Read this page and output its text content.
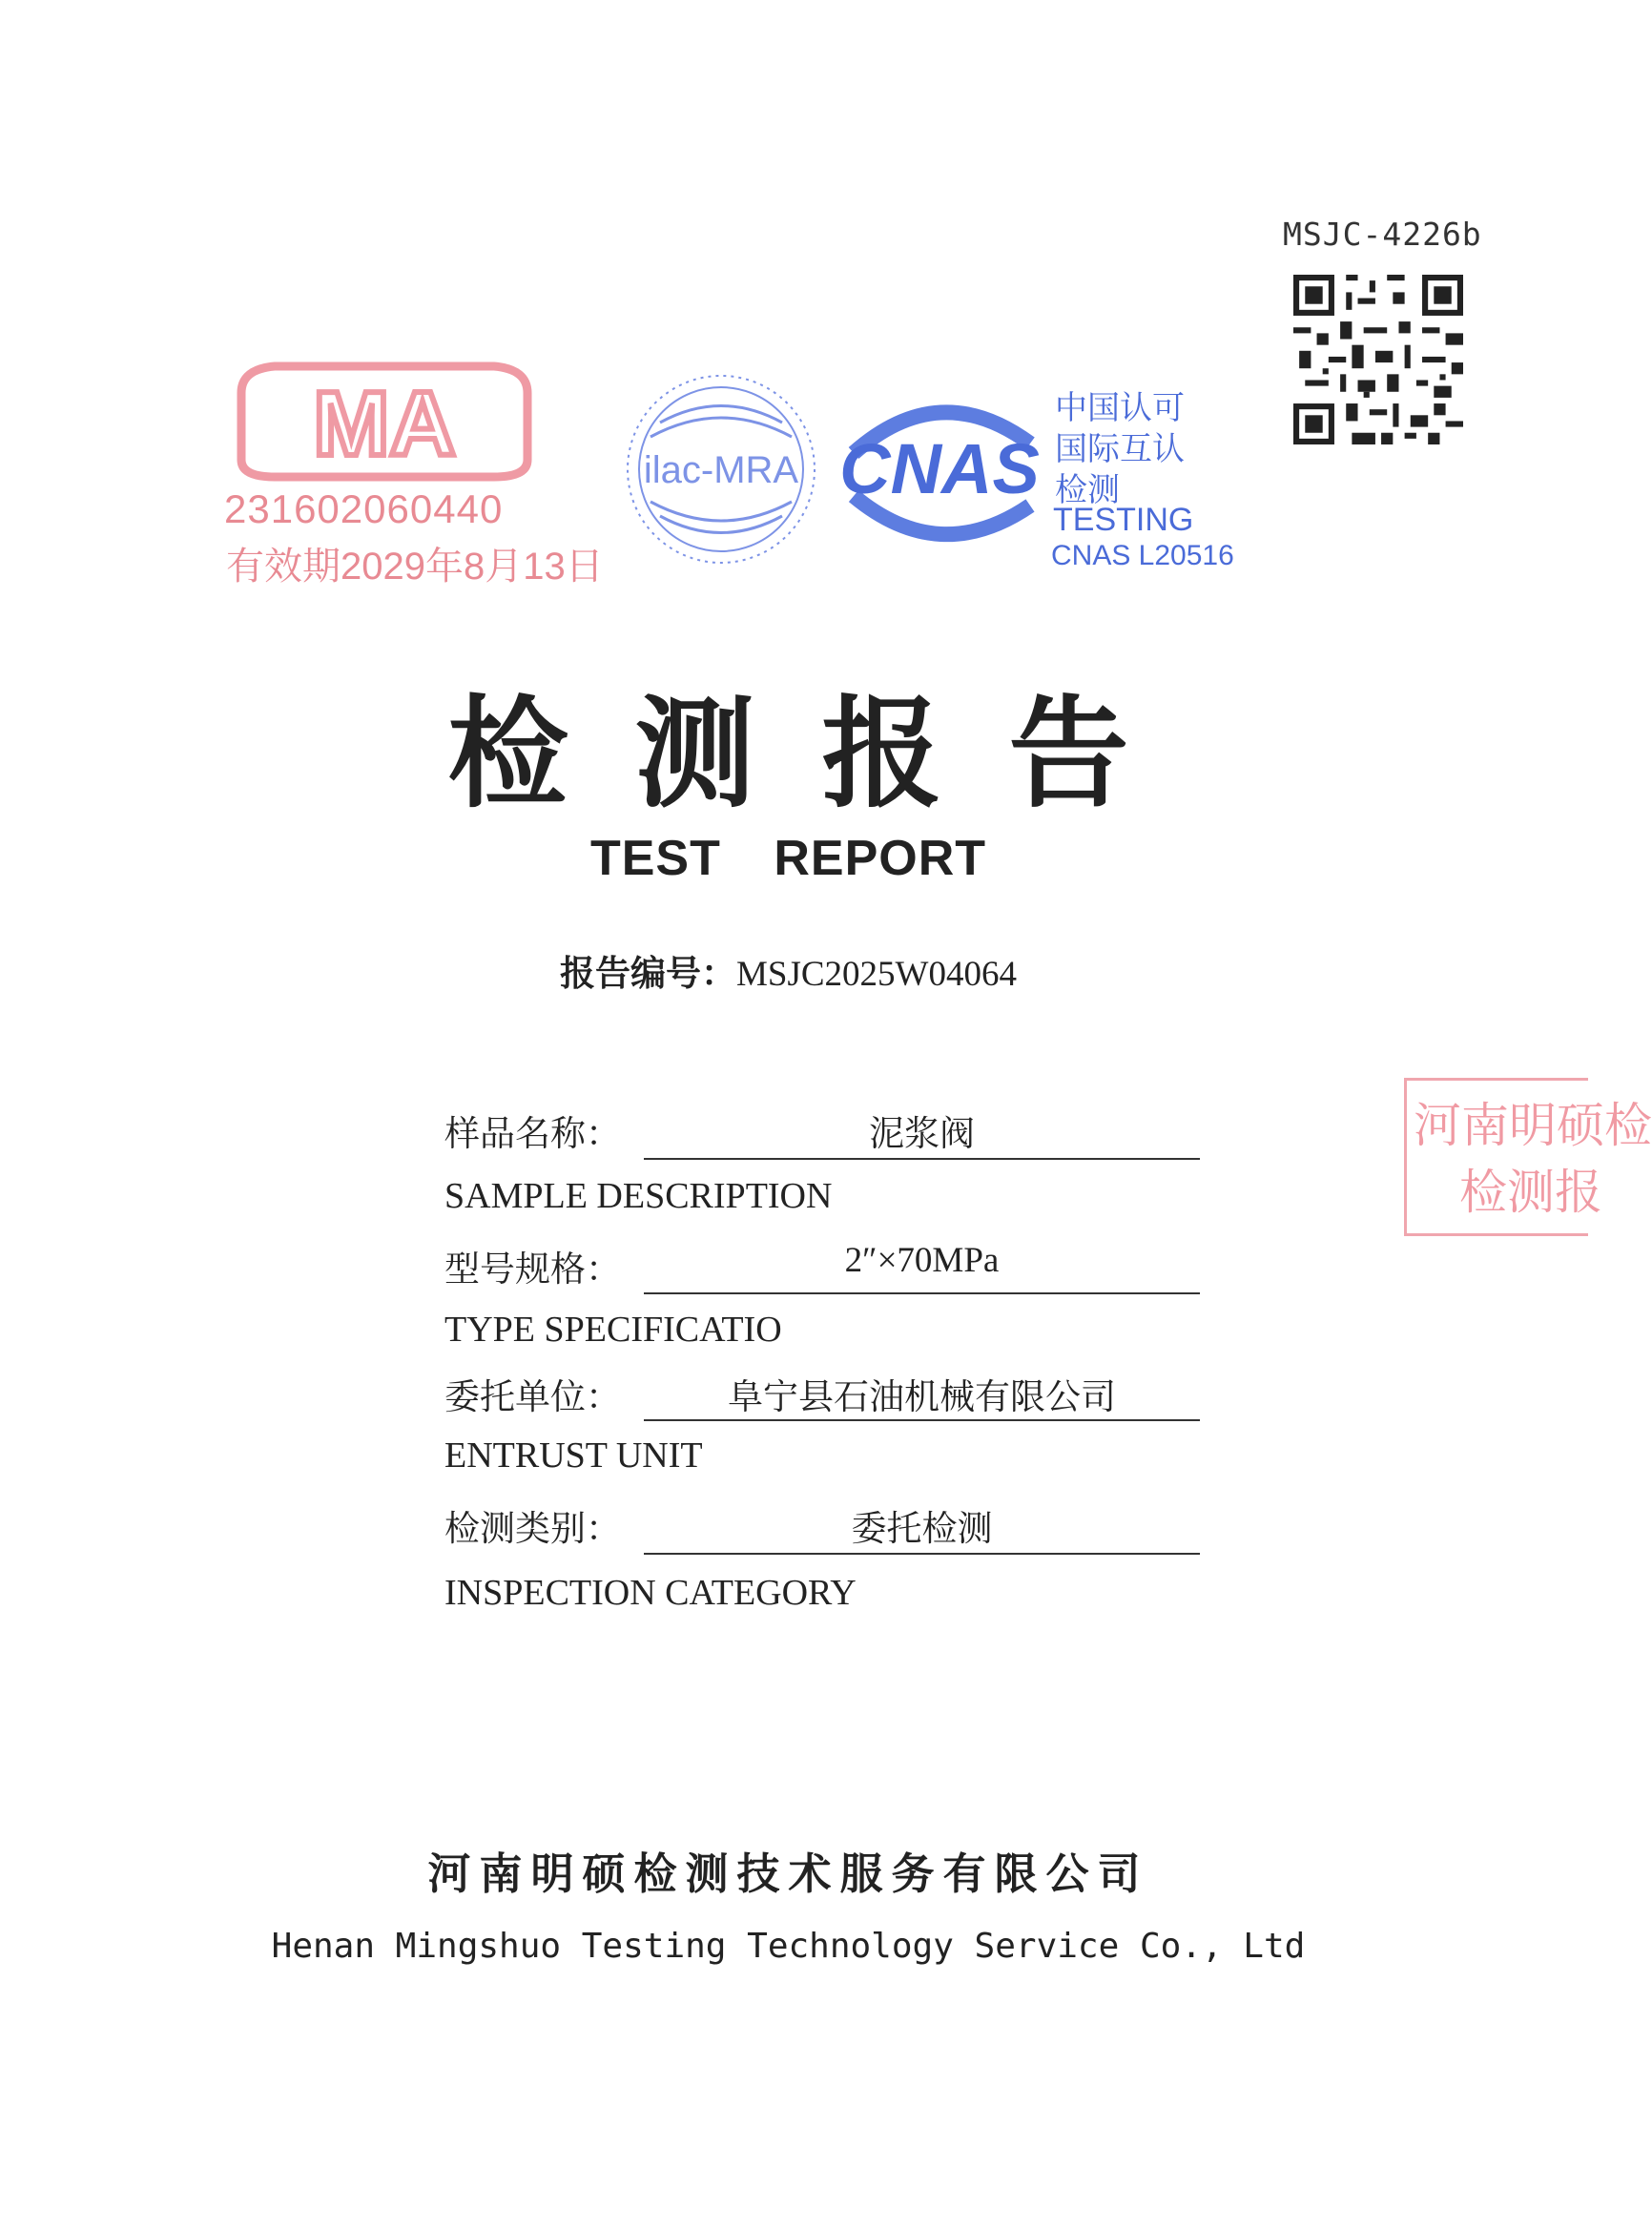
MSJC-4226b
MA
231602060440
有效期2029年8月13日
ilac-MRA CNAS
中国认可
国际互认
检测
TESTING
CNAS L20516
检测报告
TEST REPORT
报告编号：MSJC2025W04064
样品名称：	泥浆阀
SAMPLE DESCRIPTION
型号规格：	2″×70MPa
TYPE SPECIFICATIO
委托单位：	阜宁县石油机械有限公司
ENTRUST UNIT
检测类别：	委托检测
INSPECTION CATEGORY
河南明硕检
检测报
河南明硕检测技术服务有限公司
Henan Mingshuo Testing Technology Service Co., Ltd
